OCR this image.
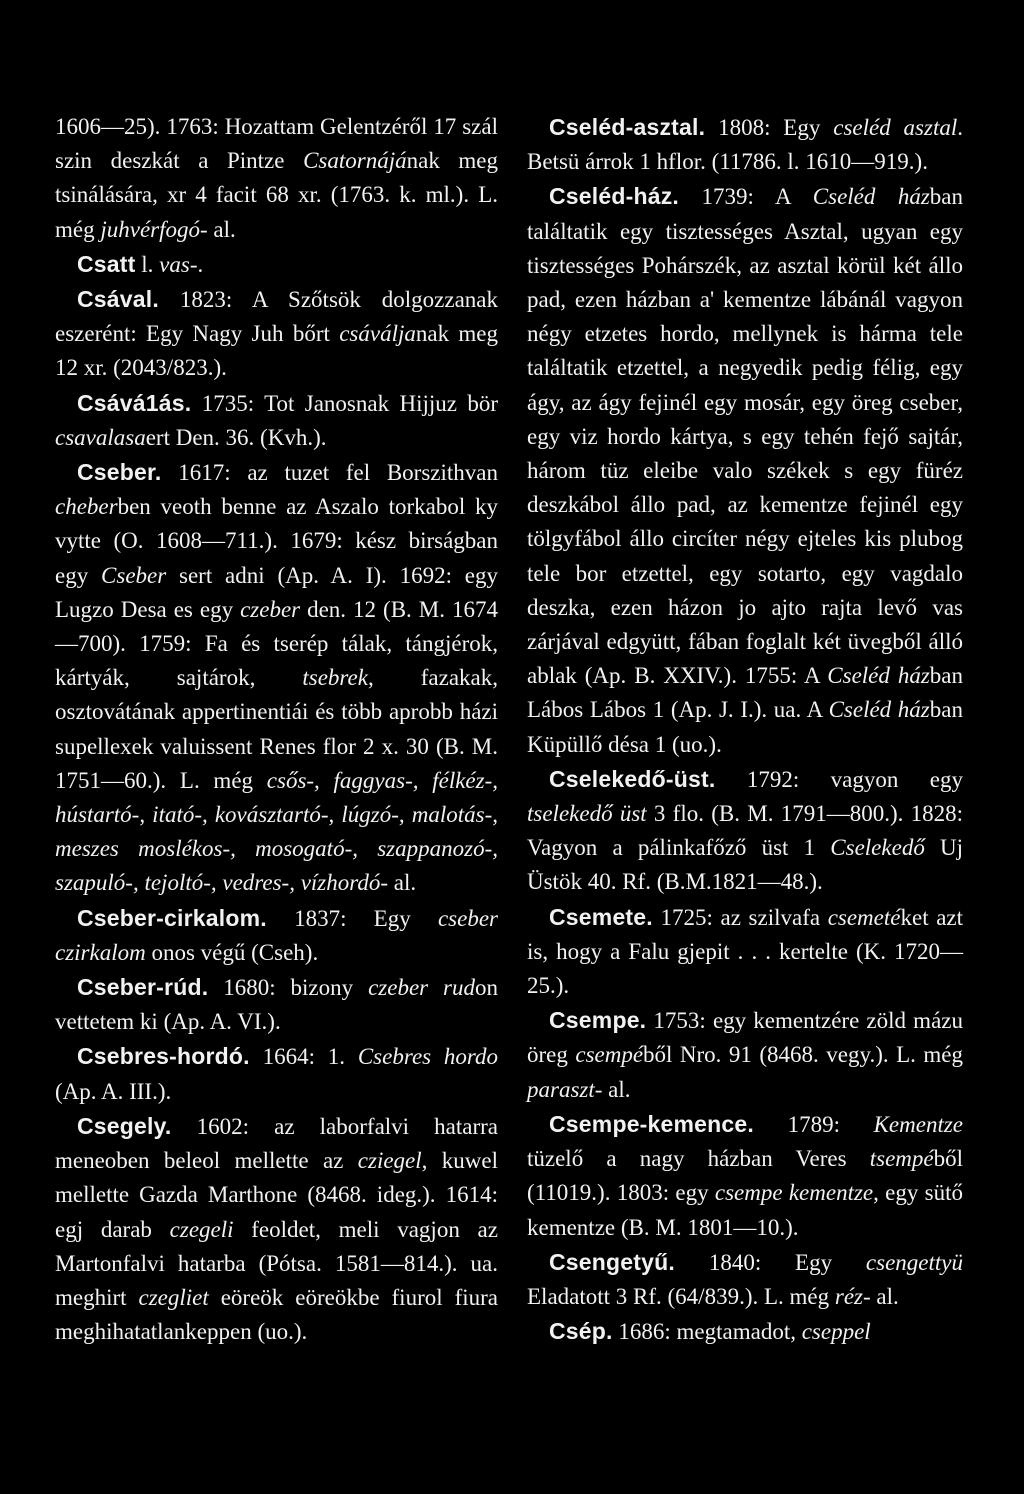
1606—25). 1763: Hozattam Gelentzéről 17 szál szin deszkát a Pintze Csatornájának meg tsinálására, xr 4 facit 68 xr. (1763. k. ml.). L. még juhvérfogó- al.

Csatt l. vas-.

Csával. 1823: A Szőtsök dolgozzanak eszerént: Egy Nagy Juh bőrt csáváljanak meg 12 xr. (2043/823.).

Csává1ás. 1735: Tot Janosnak Hijjuz bör csavalasaert Den. 36. (Kvh.).

Cseber. 1617: az tuzet fel Borszithvan cheberben veoth benne az Aszalo torkabol ky vytte (O. 1608—711.). 1679: kész birságban egy Cseber sert adni (Ap. A. I). 1692: egy Lugzo Desa es egy czeber den. 12 (B. M. 1674—700). 1759: Fa és tserép tálak, tángjérok, kártyák, sajtárok, tsebrek, fazakak, osztovátának appertinentiái és több aprobb házi supellexek valuissent Renes flor 2 x. 30 (B. M. 1751—60.). L. még csős-, faggyas-, félkéz-, hústartó-, itató-, kovásztartó-, lúgzó-, malotás-, meszes moslékos-, mosogató-, szappanozó-, szapuló-, tejoltó-, vedres-, vízhordó- al.

Cseber-cirkalom. 1837: Egy cseber czirkalom onos végű (Cseh).

Cseber-rúd. 1680: bizony czeber rudon vettetem ki (Ap. A. VI.).

Csebres-hordó. 1664: 1. Csebres hordo (Ap. A. III.).

Csegely. 1602: az laborfalvi hatarra meneoben beleol mellette az cziegel, kuwel mellette Gazda Marthone (8468. ideg.). 1614: egj darab czegeli feoldet, meli vagjon az Martonfalvi hatarba (Pótsa. 1581—814.). ua. meghirt czegliet eöreök eöreökbe fiurol fiura meghihatatlankeppen (uo.).

Cseléd-asztal. 1808: Egy cseléd asztal. Betsü árrok 1 hflor. (11786. l. 1610—919.).

Cseléd-ház. 1739: A Cseléd házban találtatik egy tisztességes Asztal, ugyan egy tisztességes Pohárszék, az asztal körül két állo pad, ezen házban a' kementze lábánál vagyon négy etzetes hordo, mellynek is hárma tele találtatik etzettel, a negyedik pedig félig, egy ágy, az ágy fejinél egy mosár, egy öreg cseber, egy viz hordo kártya, s egy tehén fejő sajtár, három tüz eleibe valo székek s egy füréz deszkábol állo pad, az kementze fejinél egy tölgyfábol állo circíter négy ejteles kis plubog tele bor etzettel, egy sotarto, egy vagdalo deszka, ezen házon jo ajto rajta levő vas zárjával edgyütt, fában foglalt két üvegből álló ablak (Ap. B. XXIV.). 1755: A Cseléd házban Lábos Lábos 1 (Ap. J. I.). ua. A Cseléd házban Küpüllő désa 1 (uo.).

Cselekedő-üst. 1792: vagyon egy tselekedő üst 3 flo. (B. M. 1791—800.). 1828: Vagyon a pálinkafőző üst 1 Cselekedő Uj Üstök 40. Rf. (B.M.1821—48.).

Csemete. 1725: az szilvafa csemetéket azt is, hogy a Falu gjepit . . . kertelte (K. 1720—25.).

Csempe. 1753: egy kementzére zöld mázu öreg csempéből Nro. 91 (8468. vegy.). L. még paraszt- al.

Csempe-kemence. 1789: Kementze tüzelő a nagy házban Veres tsempéből (11019.). 1803: egy csempe kementze, egy sütő kementze (B. M. 1801—10.).

Csengetyű. 1840: Egy csengettyü Eladatott 3 Rf. (64/839.). L. még réz- al.

Csép. 1686: megtamadot, cseppel
